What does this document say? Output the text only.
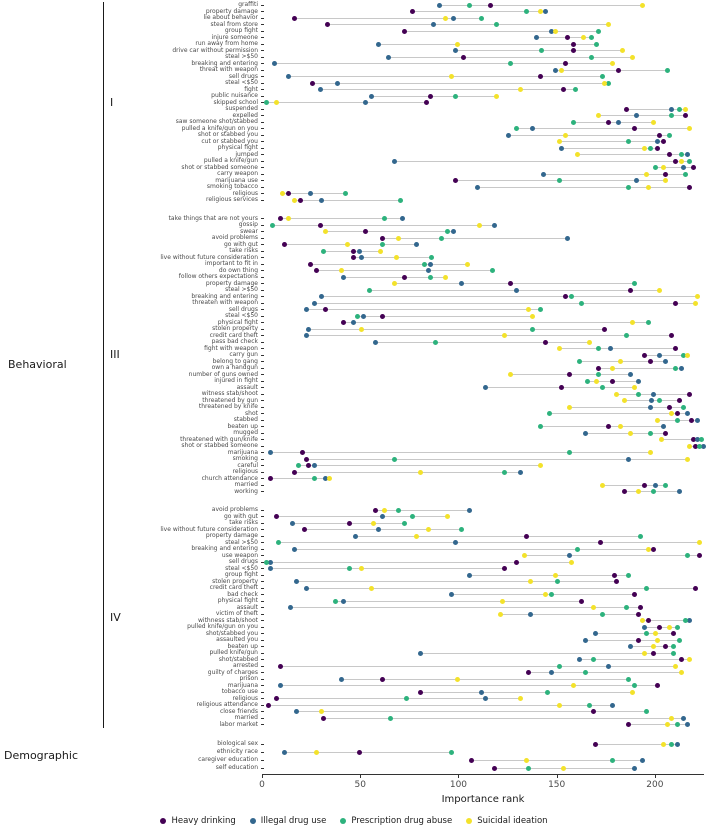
I
graffiti
property damage
lie about behavior
steal from store
group fight
injure someone
run away from home
drive car without permission
steal >$50
breaking and entering
threat with weapon
sell drugs
steal <$50
fight
public nuisance
skipped school
suspended
expelled
saw someone shot/stabbed
pulled a knife/gun on you
shot or stabbed you
cut or stabbed you
physical fight
jumped
pulled a knife/gun
shot or stabbed someone
carry weapon
marijuana use
smoking tobacco
religious
religious services
III
take things that are not yours
gossip
swear
avoid problems
go with gut
take risks
live without future consideration
important to fit in
do own thing
follow others expectations
property damage
steal >$50
breaking and entering
threaten with weapon
sell drugs
steal <$50
physical fight
stolen property
credit card theft
pass bad check
fight with weapon
carry gun
belong to gang
own a handgun
number of guns owned
injured in fight
assault
witness stab/shoot
threatened by gun
threatened by knife
shot
stabbed
beaten up
mugged
threatened with gun/knife
shot or stabbed someone
marijuana
smoking
careful
religious
church attendance
married
working
IV
avoid problems
go with gut
take risks
live without future consideration
property damage
steal >$50
breaking and entering
use weapon
sell drugs
steal <$50
group fight
stolen property
credit card theft
bad check
physical fight
assault
victim of theft
withness stab/shoot
pulled knife/gun on you
shot/stabbed you
assaulted you
beaten up
pulled knife/gun
shot/stabbed
arrested
guilty of charges
prison
marijuana
tobacco use
religious
religious attendance
close friends
married
labor market
biological sex
ethnicity race
caregiver education
self education
Behavioral
Demographic
0	50	100	150	200
Importance rank
Heavy drinking	Illegal drug use	Prescription drug abuse	Suicidal ideation
